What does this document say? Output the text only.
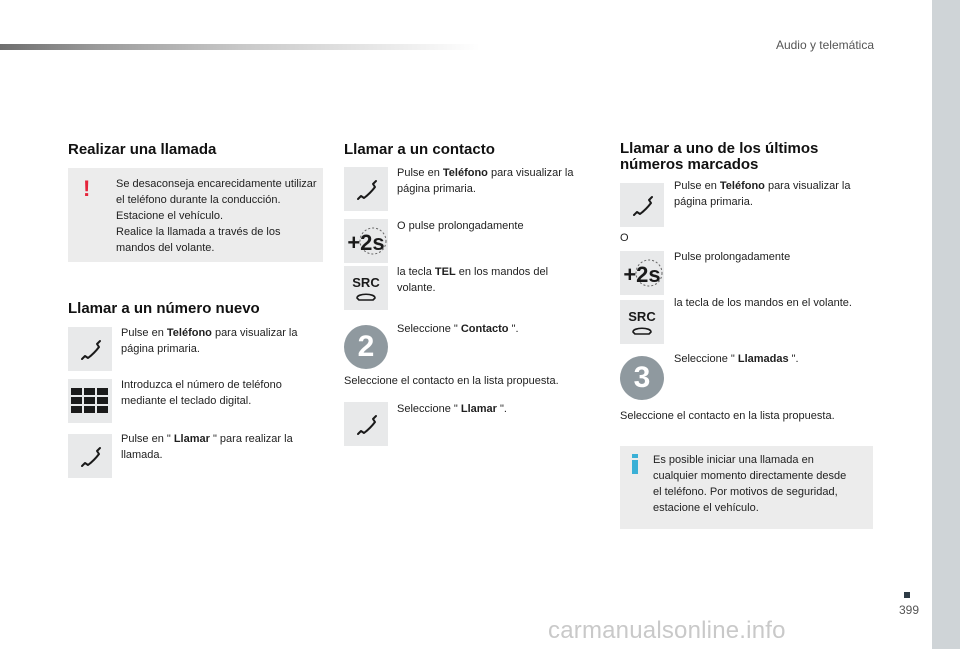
Audio y telemática
399
carmanualsonline.info
Realizar una llamada
! Se desaconseja encarecidamente utilizar
el teléfono durante la conducción.
Estacione el vehículo.
Realice la llamada a través de los
mandos del volante.
Llamar a un número nuevo
Pulse en Teléfono para visualizar la
página primaria.
Introduzca el número de teléfono
mediante el teclado digital.
Pulse en " Llamar " para realizar la
llamada.
Llamar a un contacto
Pulse en Teléfono para visualizar la
página primaria.
+2s
O pulse prolongadamente
SRC
la tecla TEL en los mandos del
volante.
2
Seleccione " Contacto ".
Seleccione el contacto en la lista propuesta.
Seleccione " Llamar ".
Llamar a uno de los últimos
números marcados
Pulse en Teléfono para visualizar la
página primaria.
O
+2s
Pulse prolongadamente
SRC
la tecla de los mandos en el volante.
3
Seleccione " Llamadas ".
Seleccione el contacto en la lista propuesta.
Es posible iniciar una llamada en
cualquier momento directamente desde
el teléfono. Por motivos de seguridad,
estacione el vehículo.
